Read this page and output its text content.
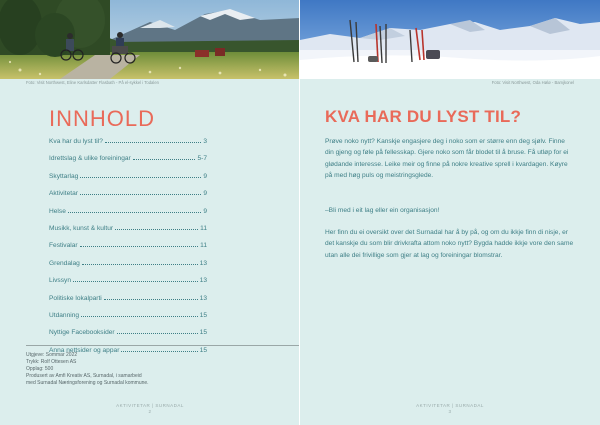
Foto: Visit Northwest, Eline Karlsdatter Flasbath - På el-sykkel i Todalen
INNHOLD
Kva har du lyst til?	3
Idrettslag & ulike foreiningar	5-7
Skyttarlag	9
Aktivitetar	9
Helse	9
Musikk, kunst & kultur	11
Festivalar	11
Grendalag	13
Livssyn	13
Politiske lokalparti	13
Utdanning	15
Nyttige Facebooksider	15
Anna nettsider og appar	15
Utgjeve: Sommar 2022
Trykk: Rolf Ottesen AS
Opplag: 500
Produsert av Amfi Kreativ AS, Surnadal, i samarbeid
med Surnadal Næringsforening og Surnadal kommune.
AKTIVITETAR | SURNADAL
2
Foto: Visit Northwest, Oda Hølø - Bamjkonel
KVA HAR DU LYST TIL?

Prøve noko nytt? Kanskje engasjere deg i noko som er større enn deg sjølv. Finne din gjeng og føle på fellesskap. Gjere noko som får blodet til å bruse. Få utløp for ei glødande interesse. Leike meir og finne på nokre kreative sprell i kvardagen. Køyre på med høg puls og meistringsglede.

–Bli med i eit lag eller ein organisasjon!

Her finn du ei oversikt over det Surnadal har å by på, og om du ikkje finn di nisje, er det kanskje du som blir drivkrafta attom noko nytt? Bygda hadde ikkje vore den same utan alle dei frivillige som gjer at lag og foreiningar blomstrar.

AKTIVITETAR | SURNADAL
3
